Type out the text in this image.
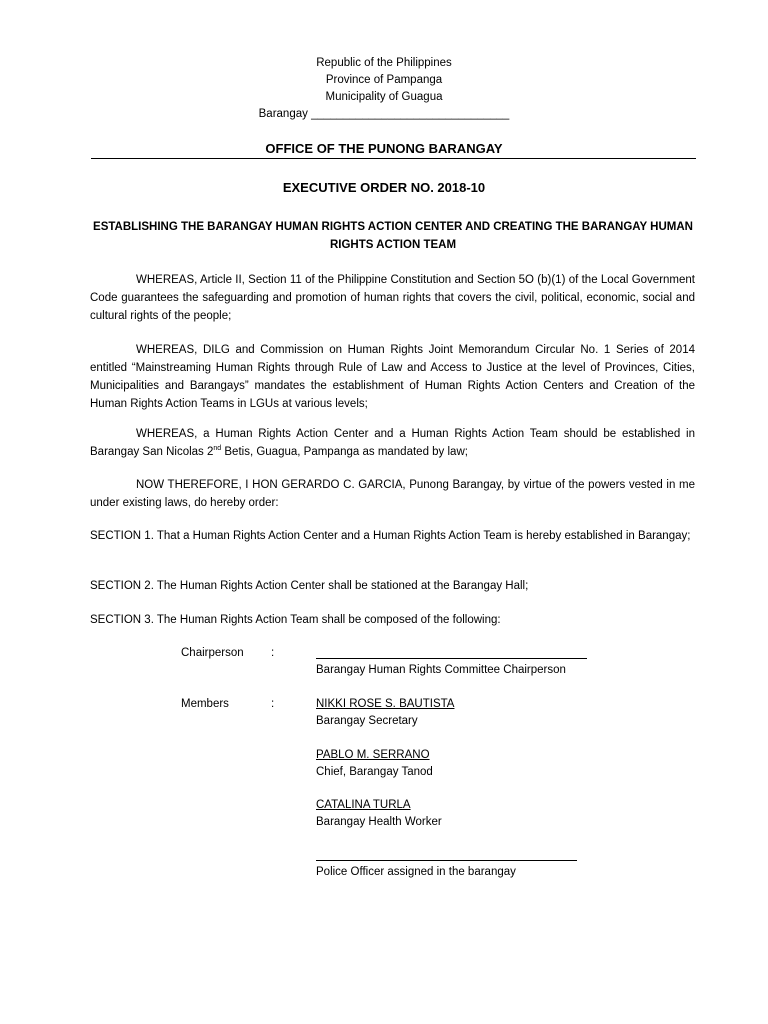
Republic of the Philippines
Province of Pampanga
Municipality of Guagua
Barangay _______________________________
OFFICE OF THE PUNONG BARANGAY
EXECUTIVE ORDER NO. 2018-10
ESTABLISHING THE BARANGAY HUMAN RIGHTS ACTION CENTER AND CREATING THE BARANGAY HUMAN RIGHTS ACTION TEAM
WHEREAS, Article II, Section 11 of the Philippine Constitution and Section 5O (b)(1) of the Local Government Code guarantees the safeguarding and promotion of human rights that covers the civil, political, economic, social and cultural rights of the people;
WHEREAS, DILG and Commission on Human Rights Joint Memorandum Circular No. 1 Series of 2014 entitled “Mainstreaming Human Rights through Rule of Law and Access to Justice at the level of Provinces, Cities, Municipalities and Barangays” mandates the establishment of Human Rights Action Centers and Creation of the Human Rights Action Teams in LGUs at various levels;
WHEREAS, a Human Rights Action Center and a Human Rights Action Team should be established in Barangay San Nicolas 2nd Betis, Guagua, Pampanga as mandated by law;
NOW THEREFORE, I HON GERARDO C. GARCIA, Punong Barangay, by virtue of the powers vested in me under existing laws, do hereby order:
SECTION 1. That a Human Rights Action Center and a Human Rights Action Team is hereby established in Barangay;
SECTION 2. The Human Rights Action Center shall be stationed at the Barangay Hall;
SECTION 3. The Human Rights Action Team shall be composed of the following:
Chairperson :
Barangay Human Rights Committee Chairperson
Members	:	NIKKI ROSE S. BAUTISTA
Barangay Secretary
PABLO M. SERRANO
Chief, Barangay Tanod
CATALINA TURLA
Barangay Health Worker
Police Officer assigned in the barangay
